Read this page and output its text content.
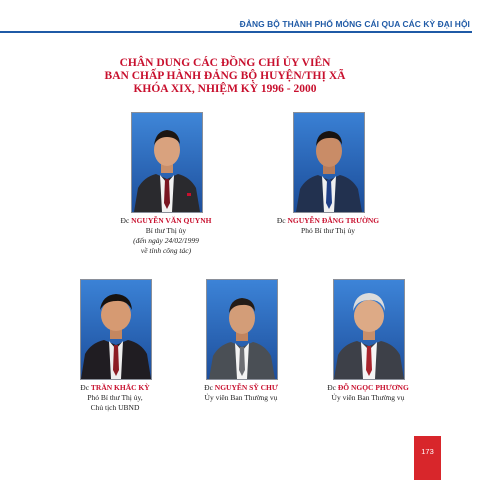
ĐẢNG BỘ THÀNH PHỐ MÓNG CÁI QUA CÁC KỲ ĐẠI HỘI
CHÂN DUNG CÁC ĐỒNG CHÍ ỦY VIÊN
BAN CHẤP HÀNH ĐẢNG BỘ HUYỆN/THỊ XÃ
KHÓA XIX, NHIỆM KỲ 1996 - 2000
Đc NGUYỄN VĂN QUYNH
Bí thư Thị ủy
(đến ngày 24/02/1999
về tỉnh công tác)
Đc NGUYỄN ĐĂNG TRƯỜNG
Phó Bí thư Thị ủy
Đc TRẦN KHẮC KỲ
Phó Bí thư Thị ủy,
Chủ tịch UBND
Đc NGUYỄN SỸ CHƯ
Ủy viên Ban Thường vụ
Đc ĐỖ NGỌC PHƯƠNG
Ủy viên Ban Thường vụ
173
